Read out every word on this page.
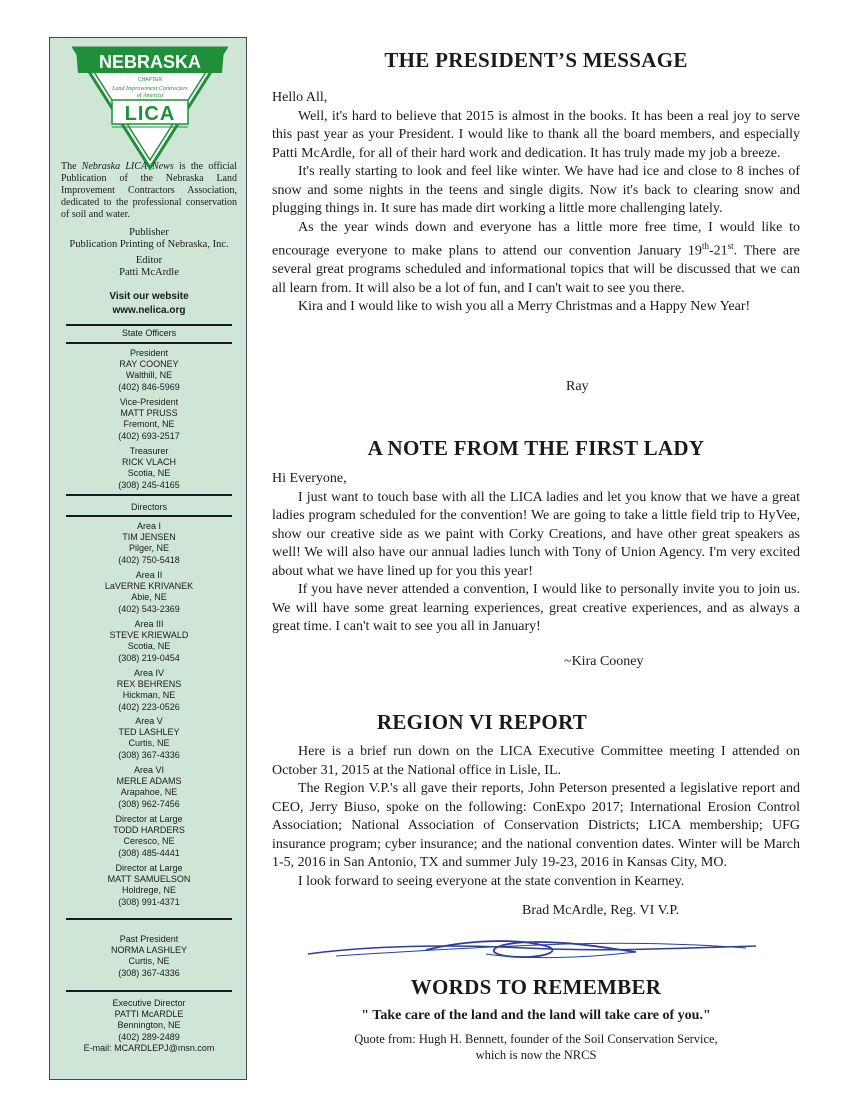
NEBRASKA
CHAPTER
Land Improvement Contractors
of America
LICA
The Nebraska LICA News is the official Publication of the Nebraska Land Improvement Contractors Association, dedicated to the professional conservation of soil and water.
Publisher
Publication Printing of Nebraska, Inc.
Editor
Patti McArdle
Visit our website
www.nelica.org
State Officers
President
RAY COONEY
Walthill, NE
(402) 846-5969
Vice-President
MATT PRUSS
Fremont, NE
(402) 693-2517
Treasurer
RICK VLACH
Scotia, NE
(308) 245-4165
Directors
Area I
TIM JENSEN
Pilger, NE
(402) 750-5418
Area II
LaVERNE KRIVANEK
Abie, NE
(402) 543-2369
Area III
STEVE KRIEWALD
Scotia, NE
(308) 219-0454
Area IV
REX BEHRENS
Hickman, NE
(402) 223-0526
Area V
TED LASHLEY
Curtis, NE
(308) 367-4336
Area VI
MERLE ADAMS
Arapahoe, NE
(308) 962-7456
Director at Large
TODD HARDERS
Ceresco, NE
(308) 485-4441
Director at Large
MATT SAMUELSON
Holdrege, NE
(308) 991-4371
Past President
NORMA LASHLEY
Curtis, NE
(308) 367-4336
Executive Director
PATTI McARDLE
Bennington, NE
(402) 289-2489
E-mail: MCARDLEPJ@msn.com
THE PRESIDENT’S MESSAGE

Hello All,

Well, it's hard to believe that 2015 is almost in the books. It has been a real joy to serve this past year as your President. I would like to thank all the board members, and especially Patti McArdle, for all of their hard work and dedication. It has truly made my job a breeze.

It's really starting to look and feel like winter. We have had ice and close to 8 inches of snow and some nights in the teens and single digits. Now it's back to clearing snow and plugging things in. It sure has made dirt working a little more challenging lately.

As the year winds down and everyone has a little more free time, I would like to encourage everyone to make plans to attend our convention January 19th-21st. There are several great programs scheduled and informational topics that will be discussed that we can all learn from. It will also be a lot of fun, and I can't wait to see you there.

Kira and I would like to wish you all a Merry Christmas and a Happy New Year!

Ray
A NOTE FROM THE FIRST LADY

Hi Everyone,

I just want to touch base with all the LICA ladies and let you know that we have a great ladies program scheduled for the convention! We are going to take a little field trip to HyVee, show our creative side as we paint with Corky Creations, and have other great speakers as well! We will also have our annual ladies lunch with Tony of Union Agency. I'm very excited about what we have lined up for you this year!

If you have never attended a convention, I would like to personally invite you to join us. We will have some great learning experiences, great creative experiences, and as always a great time. I can't wait to see you all in January!

~Kira Cooney
REGION VI REPORT

Here is a brief run down on the LICA Executive Committee meeting I attended on October 31, 2015 at the National office in Lisle, IL.

The Region V.P.'s all gave their reports, John Peterson presented a legislative report and CEO, Jerry Biuso, spoke on the following: ConExpo 2017; International Erosion Control Association; National Association of Conservation Districts; LICA membership; UFG insurance program; cyber insurance; and the national convention dates. Winter will be March 1-5, 2016 in San Antonio, TX and summer July 19-23, 2016 in Kansas City, MO.

I look forward to seeing everyone at the state convention in Kearney.

Brad McArdle, Reg. VI V.P.
WORDS TO REMEMBER
" Take care of the land and the land will take care of you."
Quote from: Hugh H. Bennett, founder of the Soil Conservation Service, which is now the NRCS
